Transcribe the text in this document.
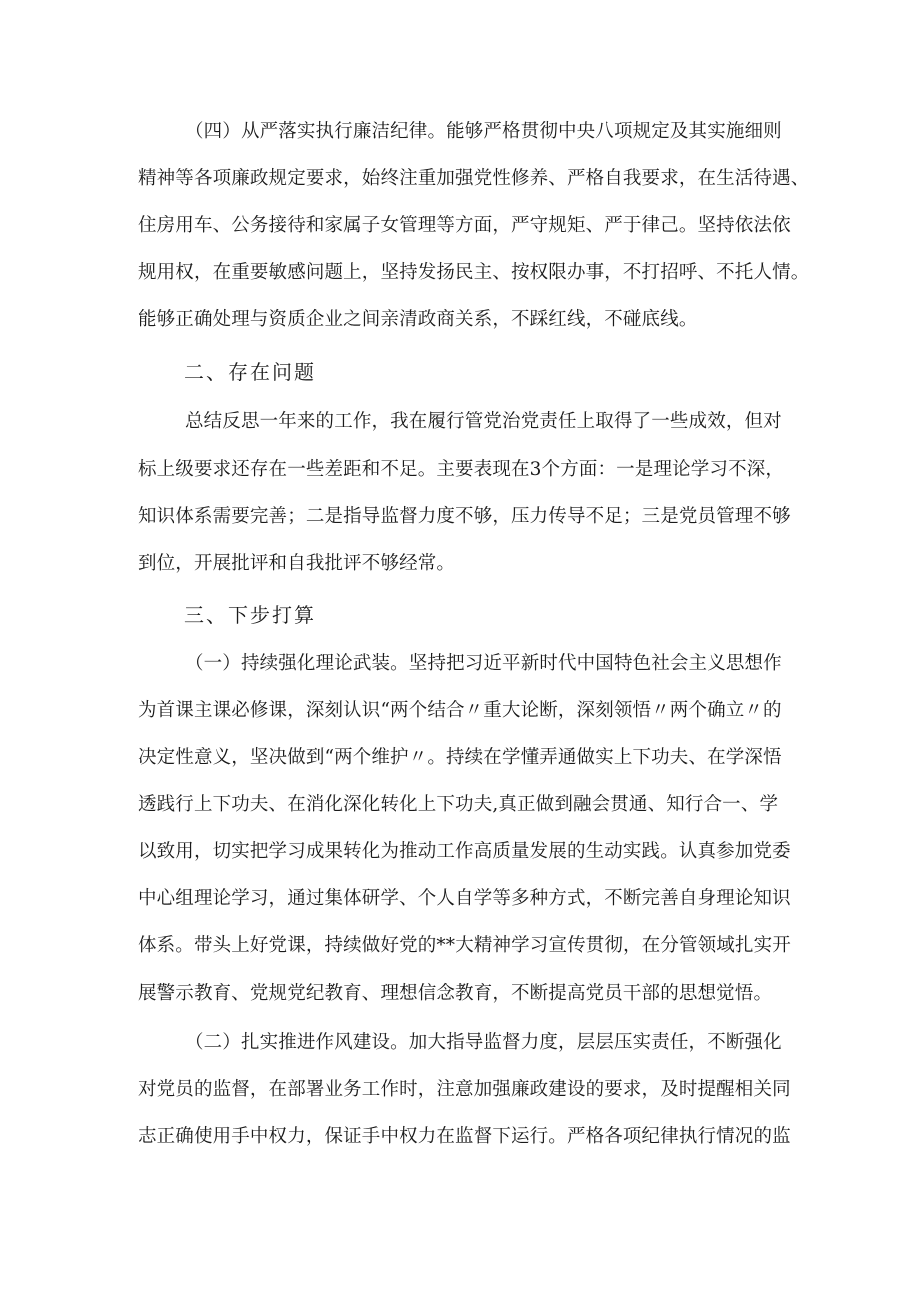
（四）从严落实执行廉洁纪律。能够严格贯彻中央八项规定及其实施细则
精神等各项廉政规定要求，始终注重加强党性修养、严格自我要求，在生活待遇、
住房用车、公务接待和家属子女管理等方面，严守规矩、严于律己。坚持依法依
规用权，在重要敏感问题上，坚持发扬民主、按权限办事，不打招呼、不托人情。
能够正确处理与资质企业之间亲清政商关系，不踩红线，不碰底线。
二、存在问题
总结反思一年来的工作，我在履行管党治党责任上取得了一些成效，但对
标上级要求还存在一些差距和不足。主要表现在3个方面：一是理论学习不深，
知识体系需要完善；二是指导监督力度不够，压力传导不足；三是党员管理不够
到位，开展批评和自我批评不够经常。
三、下步打算
（一）持续强化理论武装。坚持把习近平新时代中国特色社会主义思想作
为首课主课必修课，深刻认识“两个结合〃重大论断，深刻领悟〃两个确立〃的
决定性意义，坚决做到“两个维护〃。持续在学懂弄通做实上下功夫、在学深悟
透践行上下功夫、在消化深化转化上下功夫,真正做到融会贯通、知行合一、学
以致用，切实把学习成果转化为推动工作高质量发展的生动实践。认真参加党委
中心组理论学习，通过集体研学、个人自学等多种方式，不断完善自身理论知识
体系。带头上好党课，持续做好党的**大精神学习宣传贯彻，在分管领域扎实开
展警示教育、党规党纪教育、理想信念教育，不断提高党员干部的思想觉悟。
（二）扎实推进作风建设。加大指导监督力度，层层压实责任，不断强化
对党员的监督，在部署业务工作时，注意加强廉政建设的要求，及时提醒相关同
志正确使用手中权力，保证手中权力在监督下运行。严格各项纪律执行情况的监
